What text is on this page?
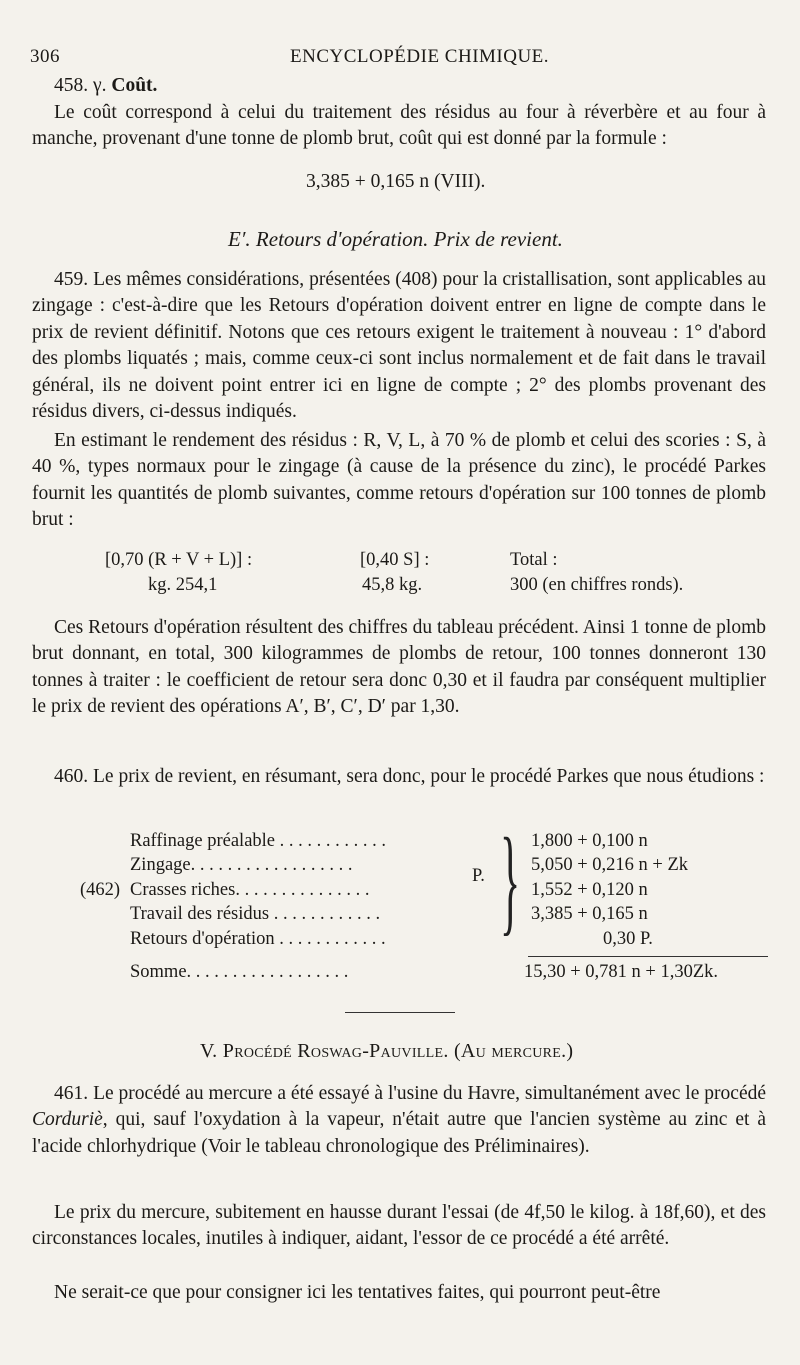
306	ENCYCLOPÉDIE CHIMIQUE.
458. γ. Coût.

Le coût correspond à celui du traitement des résidus au four à réverbère et au four à manche, provenant d'une tonne de plomb brut, coût qui est donné par la formule :

3,385 + 0,165 n (VIII).
E′. Retours d'opération. Prix de revient.

459. Les mêmes considérations, présentées (408) pour la cristallisation, sont applicables au zingage : c'est-à-dire que les Retours d'opération doivent entrer en ligne de compte dans le prix de revient définitif. Notons que ces retours exigent le traitement à nouveau : 1° d'abord des plombs liquatés ; mais, comme ceux-ci sont inclus normalement et de fait dans le travail général, ils ne doivent point entrer ici en ligne de compte ; 2° des plombs provenant des résidus divers, ci-dessus indiqués.

En estimant le rendement des résidus : R, V, L, à 70 % de plomb et celui des scories : S, à 40 %, types normaux pour le zingage (à cause de la présence du zinc), le procédé Parkes fournit les quantités de plomb suivantes, comme retours d'opération sur 100 tonnes de plomb brut :

[0,70 (R + V + L)] :
kg. 254,1
[0,40 S] :
45,8 kg.
Total :
300 (en chiffres ronds).

Ces Retours d'opération résultent des chiffres du tableau précédent. Ainsi 1 tonne de plomb brut donnant, en total, 300 kilogrammes de plombs de retour, 100 tonnes donneront 130 tonnes à traiter : le coefficient de retour sera donc 0,30 et il faudra par conséquent multiplier le prix de revient des opérations A′, B′, C′, D′ par 1,30.

460. Le prix de revient, en résumant, sera donc, pour le procédé Parkes que nous étudions :

(462)
Raffinage préalable . . . . . . . . . . . .
Zingage. . . . . . . . . . . . . . . . . .
Crasses riches. . . . . . . . . . . . . . .
Travail des résidus . . . . . . . . . . . .
Retours d'opération . . . . . . . . . . . .
Somme. . . . . . . . . . . . . . . . . .
P. } 1,800 + 0,100 n
5,050 + 0,216 n + Zk
1,552 + 0,120 n
3,385 + 0,165 n
0,30 P.
15,30 + 0,781 n + 1,30Zk.
V. Procédé Roswag-Pauville. (Au mercure.)

461. Le procédé au mercure a été essayé à l'usine du Havre, simultanément avec le procédé Corduriè, qui, sauf l'oxydation à la vapeur, n'était autre que l'ancien système au zinc et à l'acide chlorhydrique (Voir le tableau chronologique des Préliminaires).

Le prix du mercure, subitement en hausse durant l'essai (de 4f,50 le kilog. à 18f,60), et des circonstances locales, inutiles à indiquer, aidant, l'essor de ce procédé a été arrêté.

Ne serait-ce que pour consigner ici les tentatives faites, qui pourront peut-être
